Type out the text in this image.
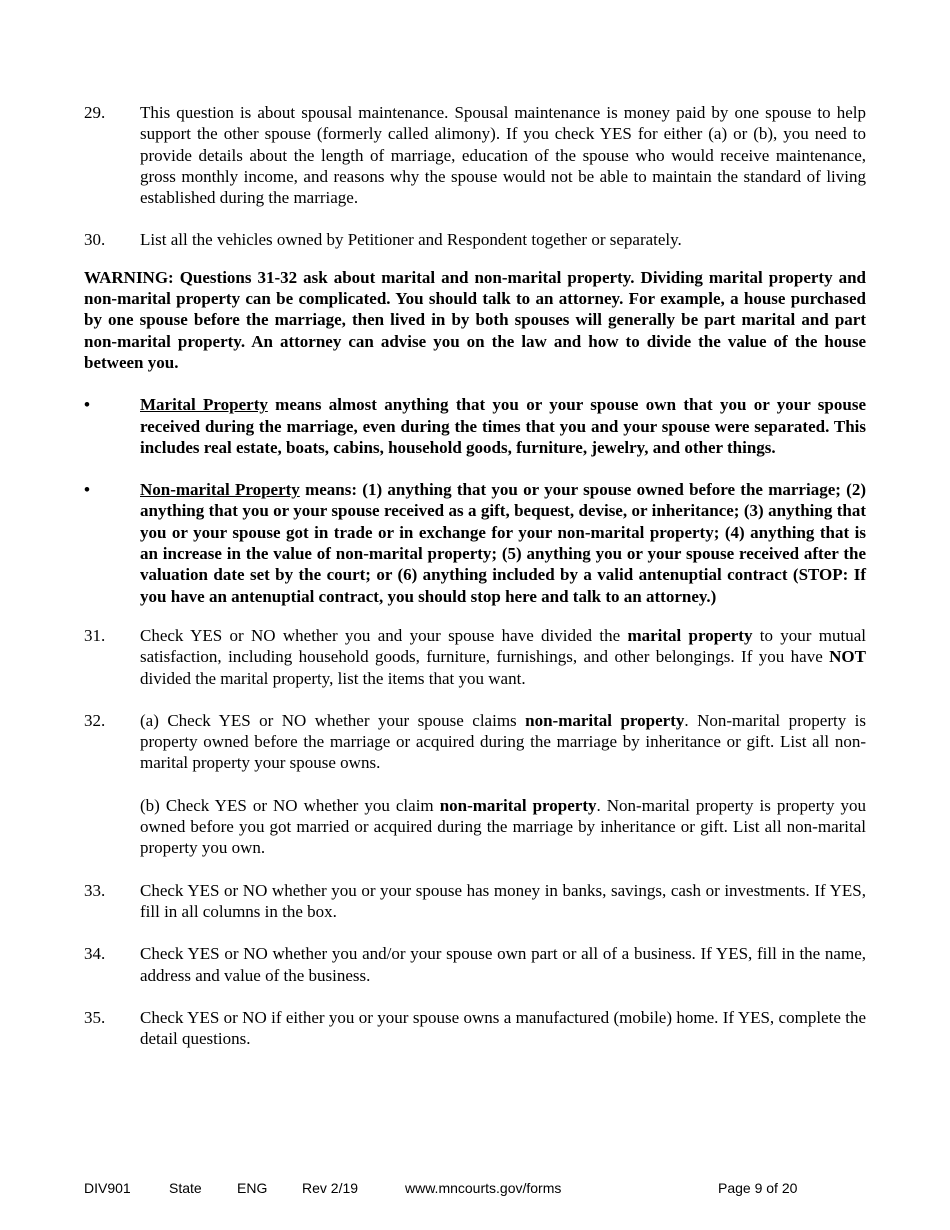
29.	This question is about spousal maintenance. Spousal maintenance is money paid by one spouse to help support the other spouse (formerly called alimony). If you check YES for either (a) or (b), you need to provide details about the length of marriage, education of the spouse who would receive maintenance, gross monthly income, and reasons why the spouse would not be able to maintain the standard of living established during the marriage.
30.	List all the vehicles owned by Petitioner and Respondent together or separately.
WARNING: Questions 31-32 ask about marital and non-marital property. Dividing marital property and non-marital property can be complicated. You should talk to an attorney. For example, a house purchased by one spouse before the marriage, then lived in by both spouses will generally be part marital and part non-marital property. An attorney can advise you on the law and how to divide the value of the house between you.
•	Marital Property means almost anything that you or your spouse own that you or your spouse received during the marriage, even during the times that you and your spouse were separated. This includes real estate, boats, cabins, household goods, furniture, jewelry, and other things.
•	Non-marital Property means: (1) anything that you or your spouse owned before the marriage; (2) anything that you or your spouse received as a gift, bequest, devise, or inheritance; (3) anything that you or your spouse got in trade or in exchange for your non-marital property; (4) anything that is an increase in the value of non-marital property; (5) anything you or your spouse received after the valuation date set by the court; or (6) anything included by a valid antenuptial contract (STOP: If you have an antenuptial contract, you should stop here and talk to an attorney.)
31.	Check YES or NO whether you and your spouse have divided the marital property to your mutual satisfaction, including household goods, furniture, furnishings, and other belongings. If you have NOT divided the marital property, list the items that you want.
32.	(a) Check YES or NO whether your spouse claims non-marital property. Non-marital property is property owned before the marriage or acquired during the marriage by inheritance or gift. List all non-marital property your spouse owns.
(b) Check YES or NO whether you claim non-marital property. Non-marital property is property you owned before you got married or acquired during the marriage by inheritance or gift. List all non-marital property you own.
33.	Check YES or NO whether you or your spouse has money in banks, savings, cash or investments. If YES, fill in all columns in the box.
34.	Check YES or NO whether you and/or your spouse own part or all of a business. If YES, fill in the name, address and value of the business.
35.	Check YES or NO if either you or your spouse owns a manufactured (mobile) home. If YES, complete the detail questions.
DIV901	State	ENG Rev 2/19	www.mncourts.gov/forms	Page 9 of 20
